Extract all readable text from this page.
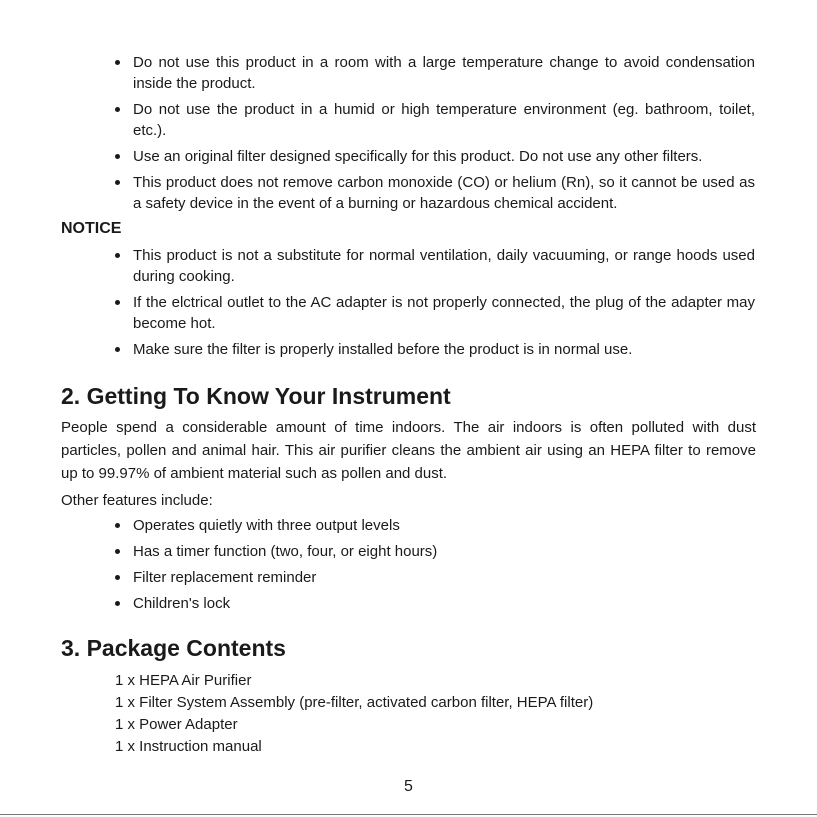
Do not use this product in a room with a large temperature change to avoid condensation inside the product.
Do not use the product in a humid or high temperature environment (eg. bathroom, toilet, etc.).
Use an original filter designed specifically for this product. Do not use any other filters.
This product does not remove carbon monoxide (CO) or helium (Rn), so it cannot be used as a safety device in the event of a burning or hazardous chemical accident.
NOTICE
This product is not a substitute for normal ventilation, daily vacuuming, or range hoods used during cooking.
If the elctrical outlet to the AC adapter is not properly connected, the plug of the adapter may become hot.
Make sure the filter is properly installed before the product is in normal use.
2. Getting To Know Your Instrument

People spend a considerable amount of time indoors. The air indoors is often polluted with dust particles, pollen and animal hair. This air purifier cleans the ambient air using an HEPA filter to remove up to 99.97% of ambient material such as pollen and dust.

Other features include:

Operates quietly with three output levels
Has a timer function (two, four, or eight hours)
Filter replacement reminder
Children's lock
3. Package Contents
1 x HEPA Air Purifier
1 x Filter System Assembly (pre-filter, activated carbon filter, HEPA filter)
1 x Power Adapter
1 x Instruction manual
5
